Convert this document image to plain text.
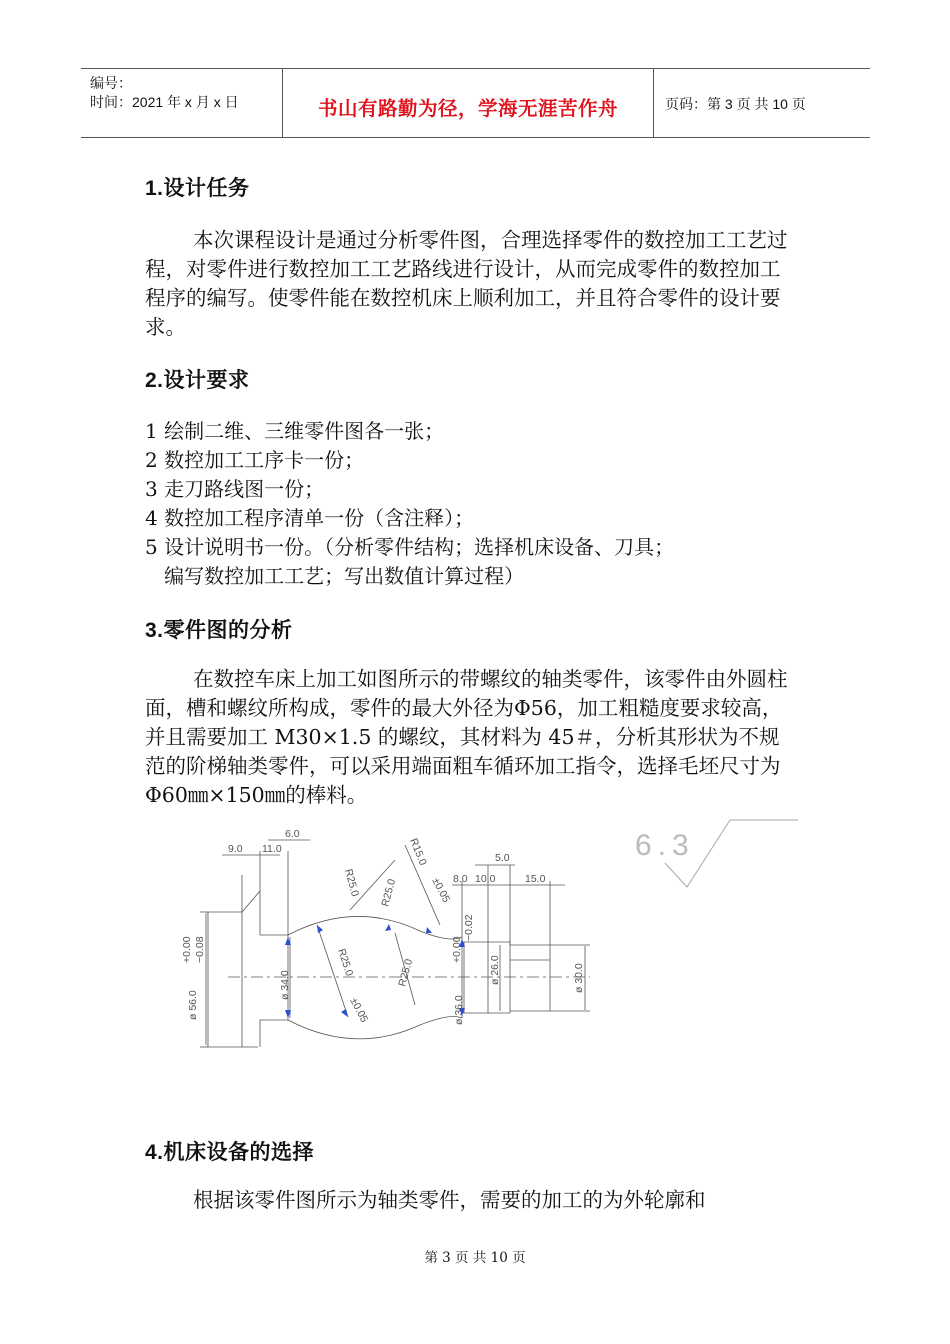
编号：
时间：2021 年 x 月 x 日	书山有路勤为径，学海无涯苦作舟	页码：第 3 页 共 10 页
1.设计任务

本次课程设计是通过分析零件图，合理选择零件的数控加工工艺过程，对零件进行数控加工工艺路线进行设计，从而完成零件的数控加工程序的编写。使零件能在数控机床上顺利加工，并且符合零件的设计要求。

2.设计要求
1 绘制二维、三维零件图各一张；
2 数控加工工序卡一份；
3 走刀路线图一份；
4 数控加工程序清单一份（含注释）；
5 设计说明书一份。（分析零件结构；选择机床设备、刀具；
编写数控加工工艺；写出数值计算过程）
3.零件图的分析

在数控车床上加工如图所示的带螺纹的轴类零件，该零件由外圆柱面，槽和螺纹所构成，零件的最大外径为Φ56，加工粗糙度要求较高，并且需要加工 M30×1.5 的螺纹，其材料为 45＃，分析其形状为不规范的阶梯轴类零件，可以采用端面粗车循环加工指令，选择毛坯尺寸为Φ60㎜×150㎜的棒料。

6.3
9.0 11.0
6.0
5.0
8.0 10.0	15.0
R25.0 R25.0
R25.0	R25.0
R15.0
±0.05
±0.05
+0.00 −0.08	+0.00
−0.02
ø 56.0
ø 34.0
ø 36.0
ø 26.0	ø 30.0
4.机床设备的选择

根据该零件图所示为轴类零件，需要的加工的为外轮廓和

第 3 页 共 10 页
